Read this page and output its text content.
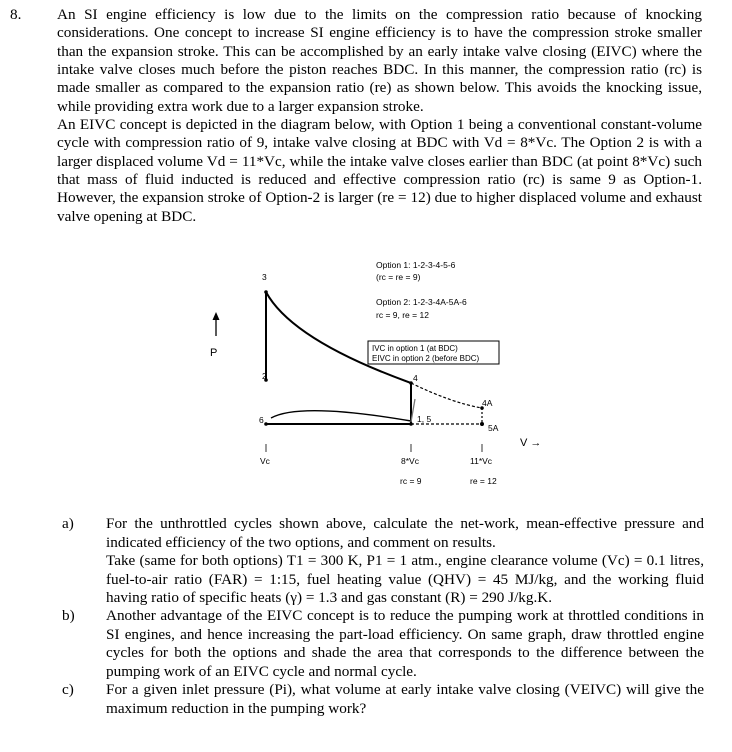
8. An SI engine efficiency is low due to the limits on the compression ratio because of knocking considerations. One concept to increase SI engine efficiency is to have the compression stroke smaller than the expansion stroke. This can be accomplished by an early intake valve closing (EIVC) where the intake valve closes much before the piston reaches BDC. In this manner, the compression ratio (rc) is made smaller as compared to the expansion ratio (re) as shown below. This avoids the knocking issue, while providing extra work due to a larger expansion stroke.

An EIVC concept is depicted in the diagram below, with Option 1 being a conventional constant-volume cycle with compression ratio of 9, intake valve closing at BDC with Vd = 8*Vc. The Option 2 is with a larger displaced volume Vd = 11*Vc, while the intake valve closes earlier than BDC (at point 8*Vc) such that mass of fluid inducted is reduced and effective compression ratio (rc) is same 9 as Option-1. However, the expansion stroke of Option-2 is larger (re = 12) due to higher displaced volume and exhaust valve opening at BDC.

P
3
2	4
4A
1, 5
5A
6
Option 1: 1-2-3-4-5-6
(rc = re = 9)
Option 2: 1-2-3-4A-5A-6
rc = 9, re = 12
IVC in option 1 (at BDC)
EIVC in option 2 (before BDC)
Vc	8*Vc
rc = 9
11*Vc
re = 12
V →
a) For the unthrottled cycles shown above, calculate the net-work, mean-effective pressure and indicated efficiency of the two options, and comment on results.

Take (same for both options) T1 = 300 K, P1 = 1 atm., engine clearance volume (Vc) = 0.1 litres, fuel-to-air ratio (FAR) = 1:15, fuel heating value (QHV) = 45 MJ/kg, and the working fluid having ratio of specific heats (γ) = 1.3 and gas constant (R) = 290 J/kg.K.

b) Another advantage of the EIVC concept is to reduce the pumping work at throttled conditions in SI engines, and hence increasing the part-load efficiency. On same graph, draw throttled engine cycles for both the options and shade the area that corresponds to the difference between the pumping work of an EIVC cycle and normal cycle.
c) For a given inlet pressure (Pi), what volume at early intake valve closing (VEIVC) will give the maximum reduction in the pumping work?
